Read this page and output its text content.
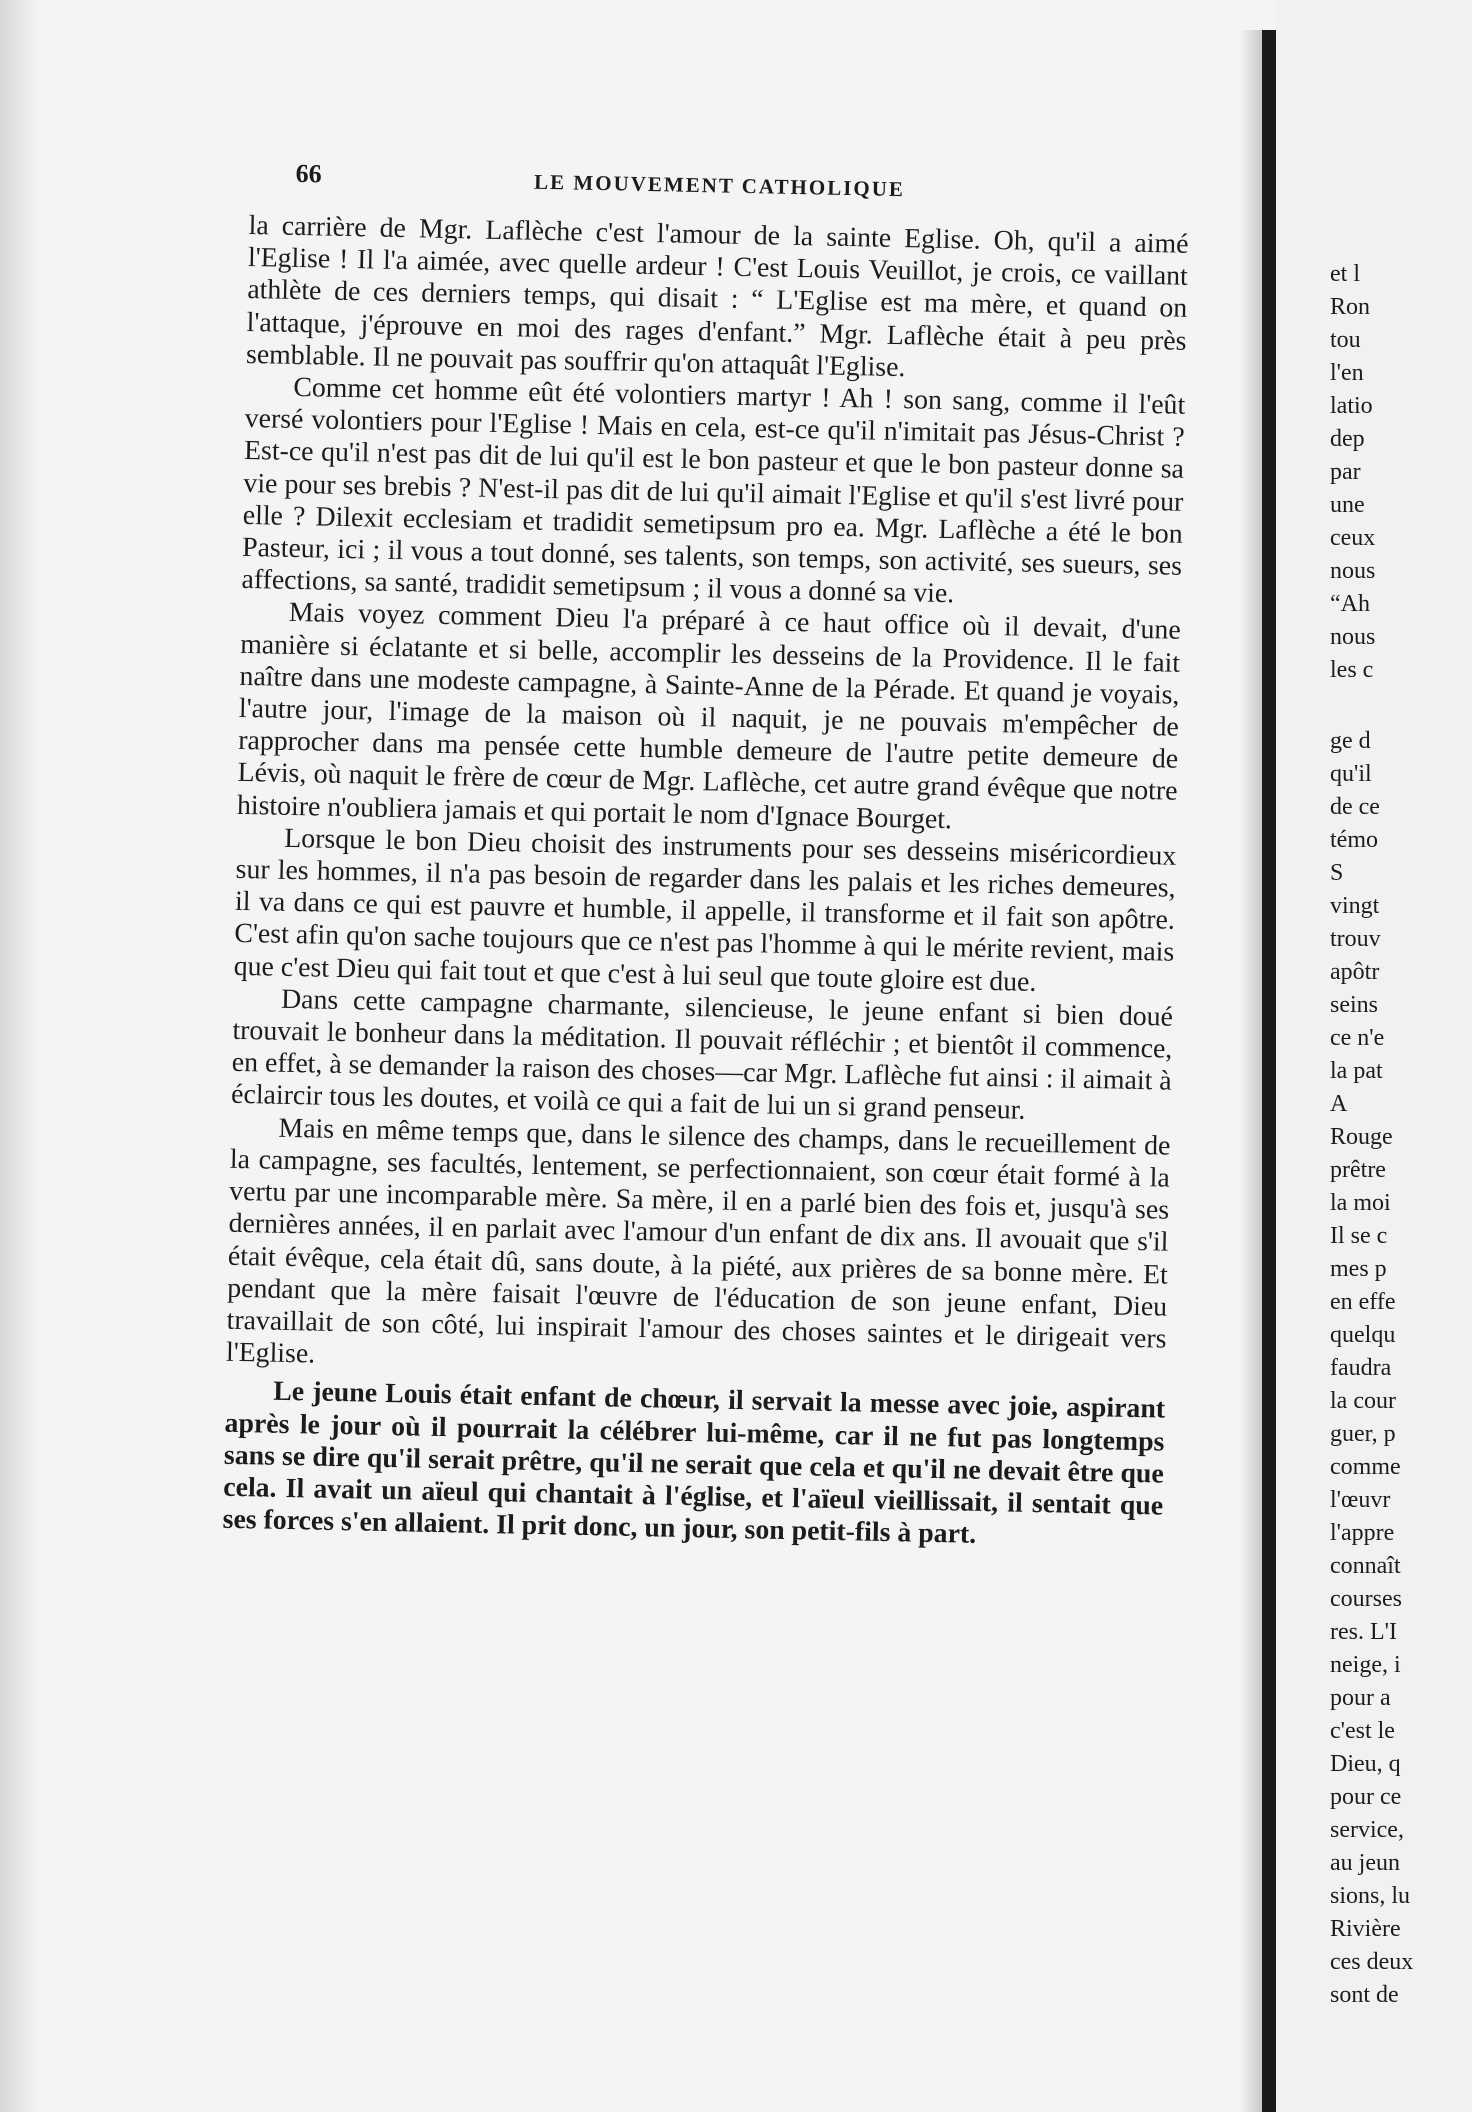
66	LE MOUVEMENT CATHOLIQUE

la carrière de Mgr. Laflèche c'est l'amour de la sainte Eglise. Oh, qu'il a aimé l'Eglise ! Il l'a aimée, avec quelle ardeur ! C'est Louis Veuillot, je crois, ce vaillant athlète de ces derniers temps, qui disait : “ L'Eglise est ma mère, et quand on l'attaque, j'éprouve en moi des rages d'enfant.” Mgr. Laflèche était à peu près semblable. Il ne pouvait pas souffrir qu'on attaquât l'Eglise.

Comme cet homme eût été volontiers martyr ! Ah ! son sang, comme il l'eût versé volontiers pour l'Eglise ! Mais en cela, est-ce qu'il n'imitait pas Jésus-Christ ? Est-ce qu'il n'est pas dit de lui qu'il est le bon pasteur et que le bon pasteur donne sa vie pour ses brebis ? N'est-il pas dit de lui qu'il aimait l'Eglise et qu'il s'est livré pour elle ? Dilexit ecclesiam et tradidit semetipsum pro ea. Mgr. Laflèche a été le bon Pasteur, ici ; il vous a tout donné, ses talents, son temps, son activité, ses sueurs, ses affections, sa santé, tradidit semetipsum ; il vous a donné sa vie.

Mais voyez comment Dieu l'a préparé à ce haut office où il devait, d'une manière si éclatante et si belle, accomplir les desseins de la Providence. Il le fait naître dans une modeste campagne, à Sainte-Anne de la Pérade. Et quand je voyais, l'autre jour, l'image de la maison où il naquit, je ne pouvais m'empêcher de rapprocher dans ma pensée cette humble demeure de l'autre petite demeure de Lévis, où naquit le frère de cœur de Mgr. Laflèche, cet autre grand évêque que notre histoire n'oubliera jamais et qui portait le nom d'Ignace Bourget.

Lorsque le bon Dieu choisit des instruments pour ses desseins miséricordieux sur les hommes, il n'a pas besoin de regarder dans les palais et les riches demeures, il va dans ce qui est pauvre et humble, il appelle, il transforme et il fait son apôtre. C'est afin qu'on sache toujours que ce n'est pas l'homme à qui le mérite revient, mais que c'est Dieu qui fait tout et que c'est à lui seul que toute gloire est due.

Dans cette campagne charmante, silencieuse, le jeune enfant si bien doué trouvait le bonheur dans la méditation. Il pouvait réfléchir ; et bientôt il commence, en effet, à se demander la raison des choses—car Mgr. Laflèche fut ainsi : il aimait à éclaircir tous les doutes, et voilà ce qui a fait de lui un si grand penseur.

Mais en même temps que, dans le silence des champs, dans le recueillement de la campagne, ses facultés, lentement, se perfectionnaient, son cœur était formé à la vertu par une incomparable mère. Sa mère, il en a parlé bien des fois et, jusqu'à ses dernières années, il en parlait avec l'amour d'un enfant de dix ans. Il avouait que s'il était évêque, cela était dû, sans doute, à la piété, aux prières de sa bonne mère. Et pendant que la mère faisait l'œuvre de l'éducation de son jeune enfant, Dieu travaillait de son côté, lui inspirait l'amour des choses saintes et le dirigeait vers l'Eglise.

Le jeune Louis était enfant de chœur, il servait la messe avec joie, aspirant après le jour où il pourrait la célébrer lui-même, car il ne fut pas longtemps sans se dire qu'il serait prêtre, qu'il ne serait que cela et qu'il ne devait être que cela. Il avait un aïeul qui chantait à l'église, et l'aïeul vieillissait, il sentait que ses forces s'en allaient. Il prit donc, un jour, son petit-fils à part.

et l
Ron
tou
l'en
latio
dep
par
une
ceux
nous
“Ah
nous
les c
ge d
qu'il
de ce
témo
S
vingt
trouv
apôtr
seins
ce n'e
la pat
A
Rouge
prêtre
la moi
Il se c
mes p
en effe
quelqu
faudra
la cour
guer, p
comme
l'œuvr
l'appre
connaît
courses
res. L'I
neige, i
pour a
c'est le
Dieu, q
pour ce
service,
au jeun
sions, lu
Rivière
ces deux
sont de
